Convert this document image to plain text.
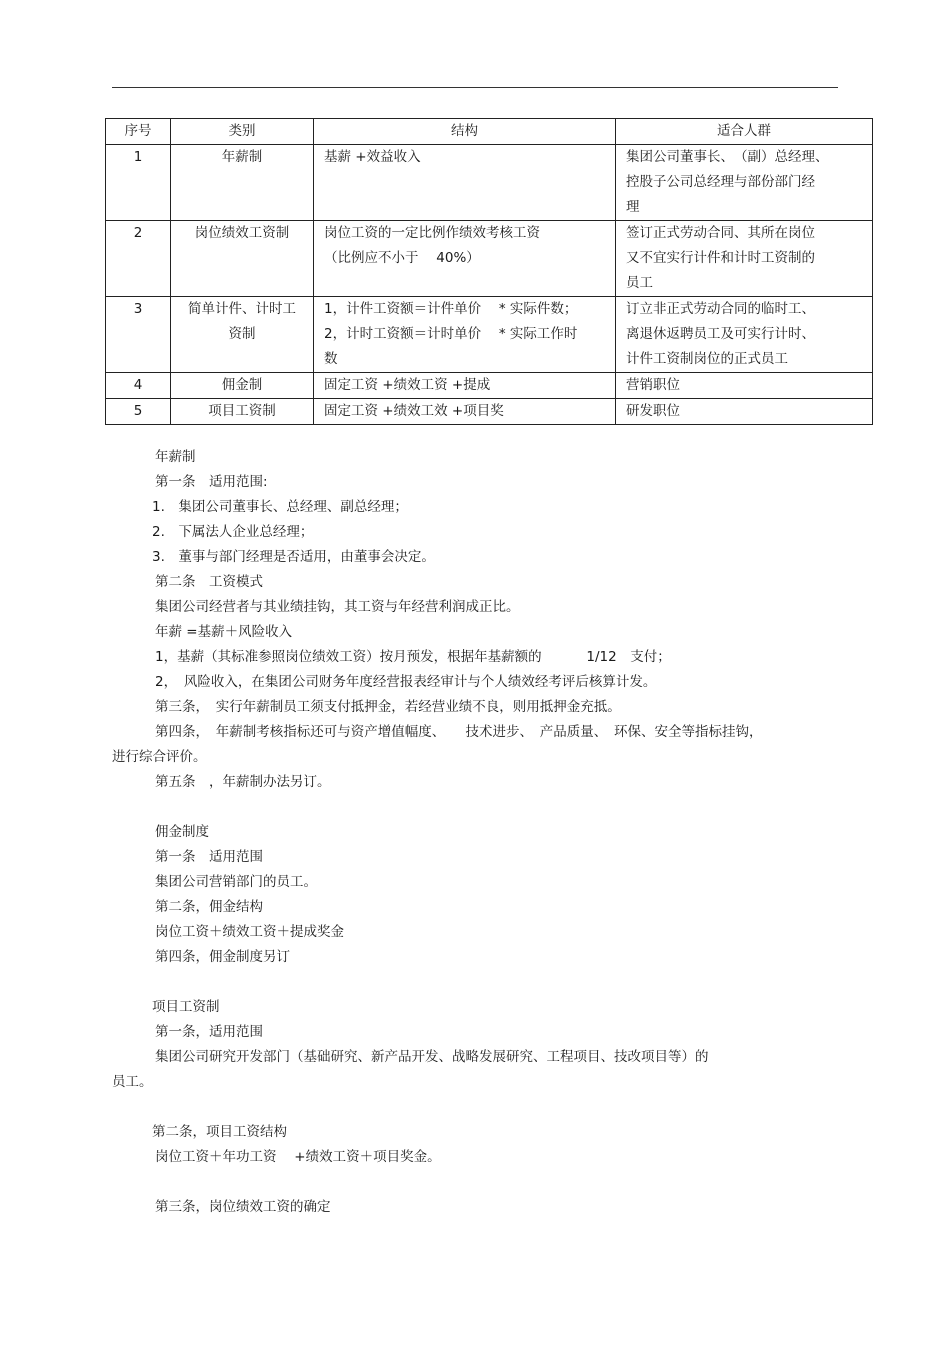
序号	类别	结构	适合人群
1	年薪制	基薪 +效益收入	集团公司董事长、　（副）总经理、
控股子公司总经理与部份部门经
理

2	岗位绩效工资制	岗位工资的一定比例作绩效考核工资
（比例应不小于　 40%）	签订正式劳动合同、其所在岗位
又不宜实行计件和计时工资制的
员工

3	简单计件、计时工
资制	1，计件工资额＝计件单价　 * 实际件数；
2，计时工资额＝计时单价　 * 实际工作时
数	订立非正式劳动合同的临时工、
离退休返聘员工及可实行计时、
计件工资制岗位的正式员工

4	佣金制	固定工资 +绩效工资 +提成	营销职位

5	项目工资制	固定工资 +绩效工效 +项目奖	研发职位
年薪制
第一条　适用范围:
1.　集团公司董事长、总经理、副总经理；
2.　下属法人企业总经理；
3.　董事与部门经理是否适用，由董事会决定。
第二条　工资模式
集团公司经营者与其业绩挂钩，其工资与年经营利润成正比。
年薪 =基薪＋风险收入
1，基薪（其标准参照岗位绩效工资）按月预发，根据年基薪额的　　　 1/12　支付；
2，　风险收入，在集团公司财务年度经营报表经审计与个人绩效经考评后核算计发。
第三条，　实行年薪制员工须支付抵押金，若经营业绩不良，则用抵押金充抵。
第四条，　年薪制考核指标还可与资产增值幅度、　　技术进步、　产品质量、　环保、安全等指标挂钩，
进行综合评价。
第五条　，年薪制办法另订。
佣金制度
第一条　适用范围
集团公司营销部门的员工。
第二条，佣金结构
岗位工资＋绩效工资＋提成奖金
第四条，佣金制度另订
项目工资制
第一条，适用范围
集团公司研究开发部门（基础研究、新产品开发、战略发展研究、工程项目、技改项目等）的
员工。
第二条，项目工资结构
岗位工资＋年功工资　 +绩效工资＋项目奖金。
第三条，岗位绩效工资的确定
